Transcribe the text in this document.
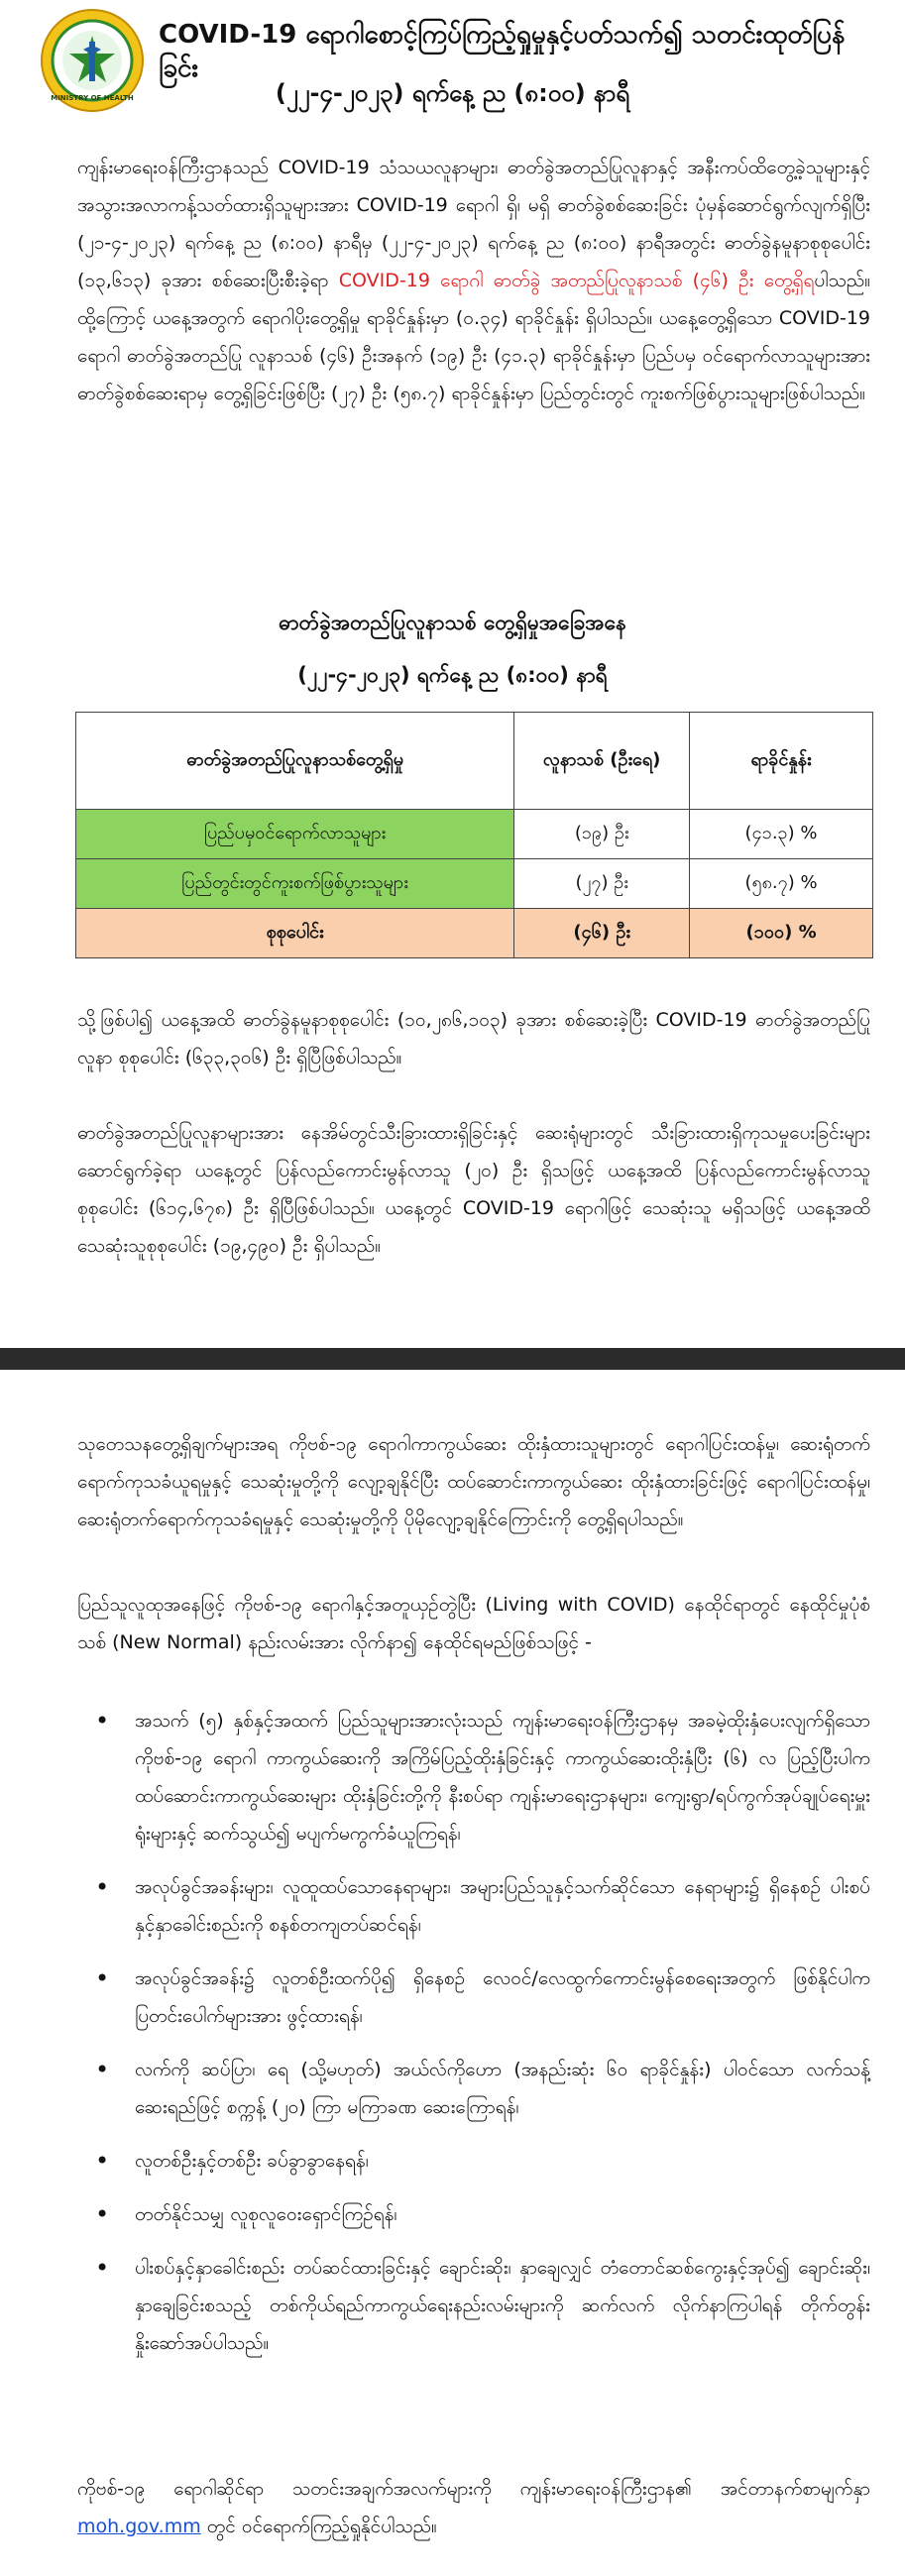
MINISTRY OF HEALTH
COVID-19 ရောဂါစောင့်ကြပ်ကြည့်ရှုမှုနှင့်ပတ်သက်၍ သတင်းထုတ်ပြန်ခြင်း
(၂၂-၄-၂၀၂၃) ရက်နေ့ ည (၈:၀၀) နာရီ
ကျန်းမာရေးဝန်ကြီးဌာနသည် COVID-19 သံသယလူနာများ၊ ဓာတ်ခွဲအတည်ပြုလူနာနှင့် အနီးကပ်ထိတွေ့ခဲ့သူများနှင့် အသွားအလာကန့်သတ်ထားရှိသူများအား COVID-19 ရောဂါ ရှိ၊ မရှိ ဓာတ်ခွဲစစ်ဆေးခြင်း ပုံမှန်ဆောင်ရွက်လျက်ရှိပြီး (၂၁-၄-၂၀၂၃) ရက်နေ့ ည (၈:၀၀) နာရီမှ (၂၂-၄-၂၀၂၃) ရက်နေ့ ည (၈:၀၀) နာရီအတွင်း ဓာတ်ခွဲနမူနာစုစုပေါင်း (၁၃,၆၁၃) ခုအား စစ်ဆေးပြီးစီးခဲ့ရာ COVID-19 ရောဂါ ဓာတ်ခွဲ အတည်ပြုလူနာသစ် (၄၆) ဦး တွေ့ရှိရပါသည်။ ထို့ကြောင့် ယနေ့အတွက် ရောဂါပိုးတွေ့ရှိမှု ရာခိုင်နှုန်းမှာ (၀.၃၄) ရာခိုင်နှုန်း ရှိပါသည်။ ယနေ့တွေ့ရှိသော COVID-19 ရောဂါ ဓာတ်ခွဲအတည်ပြု လူနာသစ် (၄၆) ဦးအနက် (၁၉) ဦး (၄၁.၃) ရာခိုင်နှုန်းမှာ ပြည်ပမှ ဝင်ရောက်လာသူများအား ဓာတ်ခွဲစစ်ဆေးရာမှ တွေ့ရှိခြင်းဖြစ်ပြီး (၂၇) ဦး (၅၈.၇) ရာခိုင်နှုန်းမှာ ပြည်တွင်းတွင် ကူးစက်ဖြစ်ပွားသူများဖြစ်ပါသည်။
ဓာတ်ခွဲအတည်ပြုလူနာသစ် တွေ့ရှိမှုအခြေအနေ
(၂၂-၄-၂၀၂၃) ရက်နေ့ ည (၈:၀၀) နာရီ
ဓာတ်ခွဲအတည်ပြုလူနာသစ်တွေ့ရှိမှု	လူနာသစ် (ဦးရေ)	ရာခိုင်နှုန်း
ပြည်ပမှဝင်ရောက်လာသူများ	(၁၉) ဦး	(၄၁.၃) %
ပြည်တွင်းတွင်ကူးစက်ဖြစ်ပွားသူများ	(၂၇) ဦး	(၅၈.၇) %
စုစုပေါင်း	(၄၆) ဦး	(၁၀၀) %
သို့ဖြစ်ပါ၍ ယနေ့အထိ ဓာတ်ခွဲနမူနာစုစုပေါင်း (၁၀,၂၈၆,၁၀၃) ခုအား စစ်ဆေးခဲ့ပြီး COVID-19 ဓာတ်ခွဲအတည်ပြုလူနာ စုစုပေါင်း (၆၃၃,၃၀၆) ဦး ရှိပြီဖြစ်ပါသည်။
ဓာတ်ခွဲအတည်ပြုလူနာများအား နေအိမ်တွင်သီးခြားထားရှိခြင်းနှင့် ဆေးရုံများတွင် သီးခြားထားရှိကုသမှုပေးခြင်းများ ဆောင်ရွက်ခဲ့ရာ ယနေ့တွင် ပြန်လည်ကောင်းမွန်လာသူ (၂၀) ဦး ရှိသဖြင့် ယနေ့အထိ ပြန်လည်ကောင်းမွန်လာသူ စုစုပေါင်း (၆၁၄,၆၇၈) ဦး ရှိပြီဖြစ်ပါသည်။ ယနေ့တွင် COVID-19 ရောဂါဖြင့် သေဆုံးသူ မရှိသဖြင့် ယနေ့အထိ သေဆုံးသူစုစုပေါင်း (၁၉,၄၉၀) ဦး ရှိပါသည်။
သုတေသနတွေ့ရှိချက်များအရ ကိုဗစ်-၁၉ ရောဂါကာကွယ်ဆေး ထိုးနှံထားသူများတွင် ရောဂါပြင်းထန်မှု၊ ဆေးရုံတက်ရောက်ကုသခံယူရမှုနှင့် သေဆုံးမှုတို့ကို လျော့ချနိုင်ပြီး ထပ်ဆောင်းကာကွယ်ဆေး ထိုးနှံထားခြင်းဖြင့် ရောဂါပြင်းထန်မှု၊ ဆေးရုံတက်ရောက်ကုသခံရမှုနှင့် သေဆုံးမှုတို့ကို ပိုမိုလျော့ချနိုင်ကြောင်းကို တွေ့ရှိရပါသည်။
ပြည်သူလူထုအနေဖြင့် ကိုဗစ်-၁၉ ရောဂါနှင့်အတူယှဉ်တွဲပြီး (Living with COVID) နေထိုင်ရာတွင် နေထိုင်မှုပုံစံသစ် (New Normal) နည်းလမ်းအား လိုက်နာ၍ နေထိုင်ရမည်ဖြစ်သဖြင့် -
• အသက် (၅) နှစ်နှင့်အထက် ပြည်သူများအားလုံးသည် ကျန်းမာရေးဝန်ကြီးဌာနမှ အခမဲ့ထိုးနှံပေးလျက်ရှိသော ကိုဗစ်-၁၉ ရောဂါ ကာကွယ်ဆေးကို အကြိမ်ပြည့်ထိုးနှံခြင်းနှင့် ကာကွယ်ဆေးထိုးနှံပြီး (၆) လ ပြည့်ပြီးပါက ထပ်ဆောင်းကာကွယ်ဆေးများ ထိုးနှံခြင်းတို့ကို နီးစပ်ရာ ကျန်းမာရေးဌာနများ၊ ကျေးရွာ/ရပ်ကွက်အုပ်ချုပ်ရေးမှူးရုံးများနှင့် ဆက်သွယ်၍ မပျက်မကွက်ခံယူကြရန်၊
• အလုပ်ခွင်အခန်းများ၊ လူထူထပ်သောနေရာများ၊ အများပြည်သူနှင့်သက်ဆိုင်သော နေရာများ၌ ရှိနေစဉ် ပါးစပ်နှင့်နှာခေါင်းစည်းကို စနစ်တကျတပ်ဆင်ရန်၊
• အလုပ်ခွင်အခန်း၌ လူတစ်ဦးထက်ပို၍ ရှိနေစဉ် လေဝင်/လေထွက်ကောင်းမွန်စေရေးအတွက် ဖြစ်နိုင်ပါက ပြတင်းပေါက်များအား ဖွင့်ထားရန်၊
• လက်ကို ဆပ်ပြာ၊ ရေ (သို့မဟုတ်) အယ်လ်ကိုဟော (အနည်းဆုံး ၆၀ ရာခိုင်နှုန်း) ပါဝင်သော လက်သန့်ဆေးရည်ဖြင့် စက္ကန့် (၂၀) ကြာ မကြာခဏ ဆေးကြောရန်၊
• လူတစ်ဦးနှင့်တစ်ဦး ခပ်ခွာခွာနေရန်၊
• တတ်နိုင်သမျှ လူစုလူဝေးရှောင်ကြဉ်ရန်၊
• ပါးစပ်နှင့်နှာခေါင်းစည်း တပ်ဆင်ထားခြင်းနှင့် ချောင်းဆိုး၊ နှာချေလျှင် တံတောင်ဆစ်ကွေးနှင့်အုပ်၍ ချောင်းဆိုး၊ နှာချေခြင်းစသည့် တစ်ကိုယ်ရည်ကာကွယ်ရေးနည်းလမ်းများကို ဆက်လက် လိုက်နာကြပါရန် တိုက်တွန်းနှိုးဆော်အပ်ပါသည်။
ကိုဗစ်-၁၉ ရောဂါဆိုင်ရာ သတင်းအချက်အလက်များကို ကျန်းမာရေးဝန်ကြီးဌာန၏ အင်တာနက်စာမျက်နှာ moh.gov.mm တွင် ဝင်ရောက်ကြည့်ရှုနိုင်ပါသည်။
